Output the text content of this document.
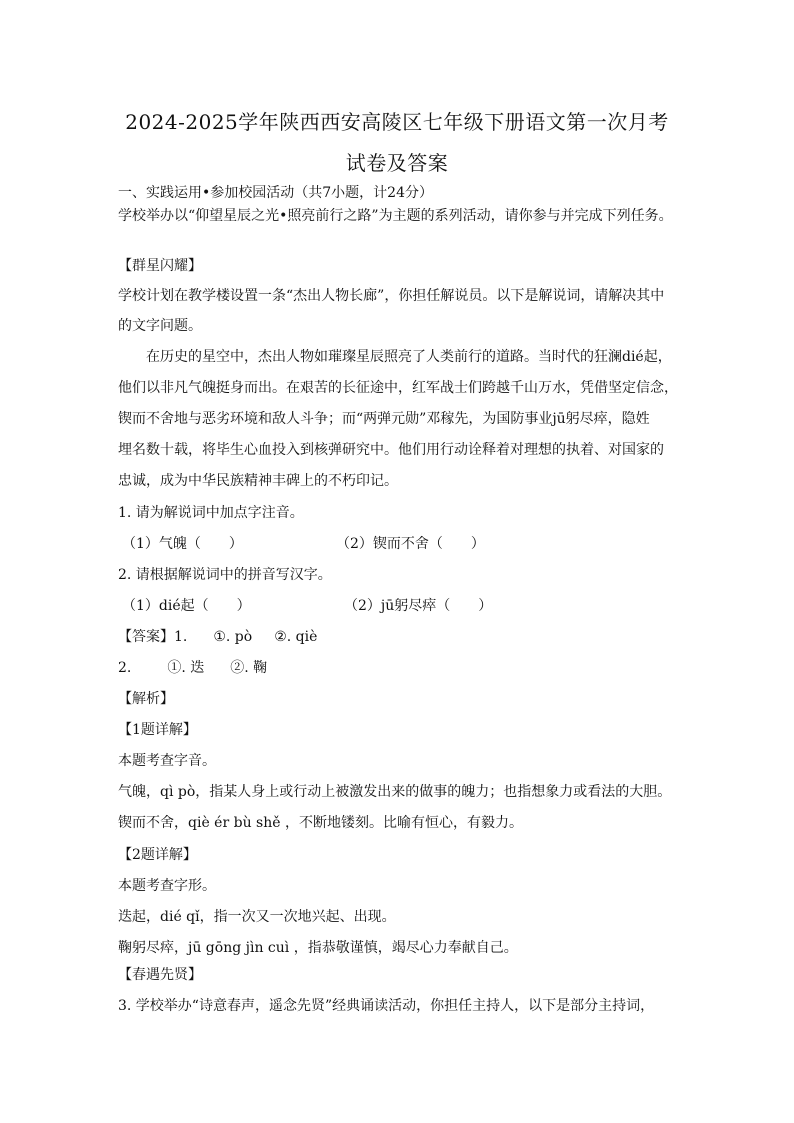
2024-2025学年陕西西安高陵区七年级下册语文第一次月考
试卷及答案
一、实践运用•参加校园活动（共7小题，计24分）
学校举办以“仰望星辰之光•照亮前行之路”为主题的系列活动，请你参与并完成下列任务。
【群星闪耀】
学校计划在教学楼设置一条“杰出人物长廊”，你担任解说员。以下是解说词，请解决其中
的文字问题。
在历史的星空中，杰出人物如璀璨星辰照亮了人类前行的道路。当时代的狂澜dié起，
他们以非凡气魄挺身而出。在艰苦的长征途中，红军战士们跨越千山万水，凭借坚定信念，
锲而不舍地与恶劣环境和敌人斗争；而“两弹元勋”邓稼先，为国防事业jū躬尽瘁，隐姓
埋名数十载，将毕生心血投入到核弹研究中。他们用行动诠释着对理想的执着、对国家的
忠诚，成为中华民族精神丰碑上的不朽印记。
1. 请为解说词中加点字注音。
（1）气魄（　　）	（2）锲而不舍（　　）
2. 请根据解说词中的拼音写汉字。
（1）dié起（　　）	（2）jū躬尽瘁（　　）
【答案】1. ①. pò ②. qiè
2.	①. 迭 ②. 鞠
【解析】
【1题详解】
本题考查字音。
气魄，qì pò，指某人身上或行动上被激发出来的做事的魄力；也指想象力或看法的大胆。
锲而不舍，qiè ér bù shě ，不断地镂刻。比喻有恒心，有毅力。
【2题详解】
本题考查字形。
迭起，dié qǐ，指一次又一次地兴起、出现。
鞠躬尽瘁，jū gōng jìn cuì ，指恭敬谨慎，竭尽心力奉献自己。
【春遇先贤】
3. 学校举办“诗意春声，遥念先贤”经典诵读活动，你担任主持人，以下是部分主持词，
